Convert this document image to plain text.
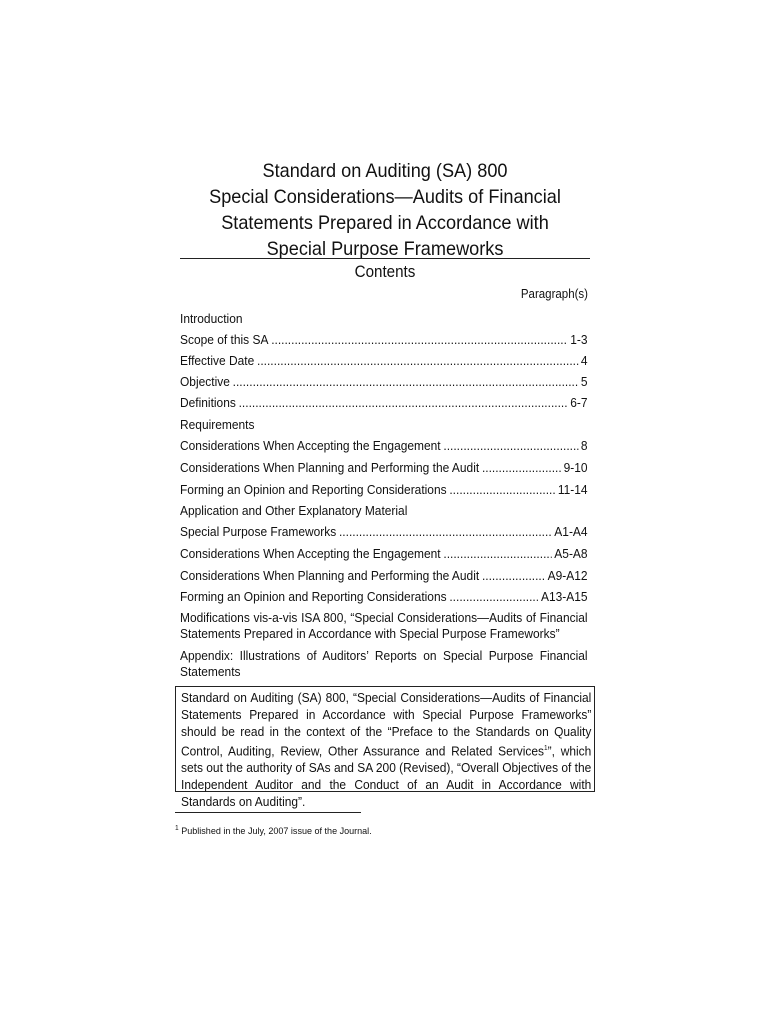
Standard on Auditing (SA) 800
Special Considerations—Audits of Financial
Statements Prepared in Accordance with
Special Purpose Frameworks
Contents
Paragraph(s)
Introduction
Scope of this SA .....	1-3
Effective Date .....	4
Objective .....	5
Definitions .....	6-7
Requirements
Considerations When Accepting the Engagement .....	8
Considerations When Planning and Performing the Audit .....	9-10
Forming an Opinion and Reporting Considerations .....	11-14
Application and Other Explanatory Material
Special Purpose Frameworks .....	A1-A4
Considerations When Accepting the Engagement .....	A5-A8
Considerations When Planning and Performing the Audit .....	A9-A12
Forming an Opinion and Reporting Considerations .....	A13-A15
Modifications vis-a-vis ISA 800, “Special Considerations—Audits of Financial Statements Prepared in Accordance with Special Purpose Frameworks”
Appendix: Illustrations of Auditors’ Reports on Special Purpose Financial Statements
Standard on Auditing (SA) 800, “Special Considerations—Audits of Financial Statements Prepared in Accordance with Special Purpose Frameworks” should be read in the context of the “Preface to the Standards on Quality Control, Auditing, Review, Other Assurance and Related Services$^1$”, which sets out the authority of SAs and SA 200 (Revised), “Overall Objectives of the Independent Auditor and the Conduct of an Audit in Accordance with Standards on Auditing”.
$^1$ Published in the July, 2007 issue of the Journal.
